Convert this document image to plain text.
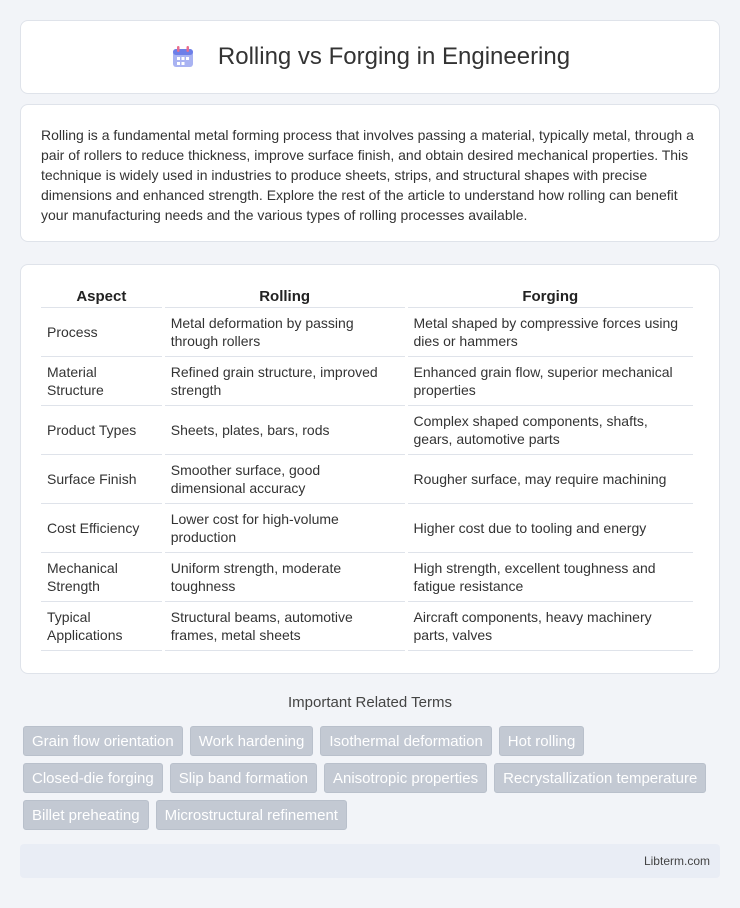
Rolling vs Forging in Engineering

Rolling is a fundamental metal forming process that involves passing a material, typically metal, through a pair of rollers to reduce thickness, improve surface finish, and obtain desired mechanical properties. This technique is widely used in industries to produce sheets, strips, and structural shapes with precise dimensions and enhanced strength. Explore the rest of the article to understand how rolling can benefit your manufacturing needs and the various types of rolling processes available.

Aspect	Rolling	Forging
Process	Metal deformation by passing through rollers	Metal shaped by compressive forces using dies or hammers
Material Structure	Refined grain structure, improved strength	Enhanced grain flow, superior mechanical properties
Product Types	Sheets, plates, bars, rods	Complex shaped components, shafts, gears, automotive parts
Surface Finish	Smoother surface, good dimensional accuracy	Rougher surface, may require machining
Cost Efficiency	Lower cost for high-volume production	Higher cost due to tooling and energy
Mechanical Strength	Uniform strength, moderate toughness	High strength, excellent toughness and fatigue resistance
Typical Applications	Structural beams, automotive frames, metal sheets	Aircraft components, heavy machinery parts, valves
Important Related Terms
Grain flow orientation	Work hardening	Isothermal deformation	Hot rolling
Closed-die forging	Slip band formation	Anisotropic properties	Recrystallization temperature
Billet preheating	Microstructural refinement
Libterm.com
